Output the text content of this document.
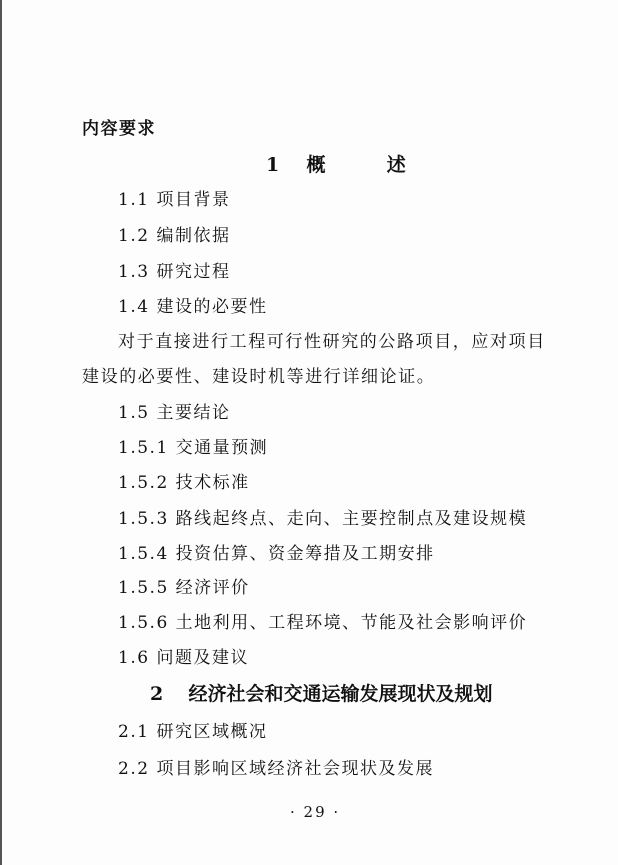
内容要求
1 概	述
1.1 项目背景
1.2 编制依据
1.3 研究过程
1.4 建设的必要性
对于直接进行工程可行性研究的公路项目，应对项目
建设的必要性、建设时机等进行详细论证。
1.5 主要结论
1.5.1 交通量预测
1.5.2 技术标准
1.5.3 路线起终点、走向、主要控制点及建设规模
1.5.4 投资估算、资金筹措及工期安排
1.5.5 经济评价
1.5.6 土地利用、工程环境、节能及社会影响评价
1.6 问题及建议
2 经济社会和交通运输发展现状及规划
2.1 研究区域概况
2.2 项目影响区域经济社会现状及发展
· 29 ·
